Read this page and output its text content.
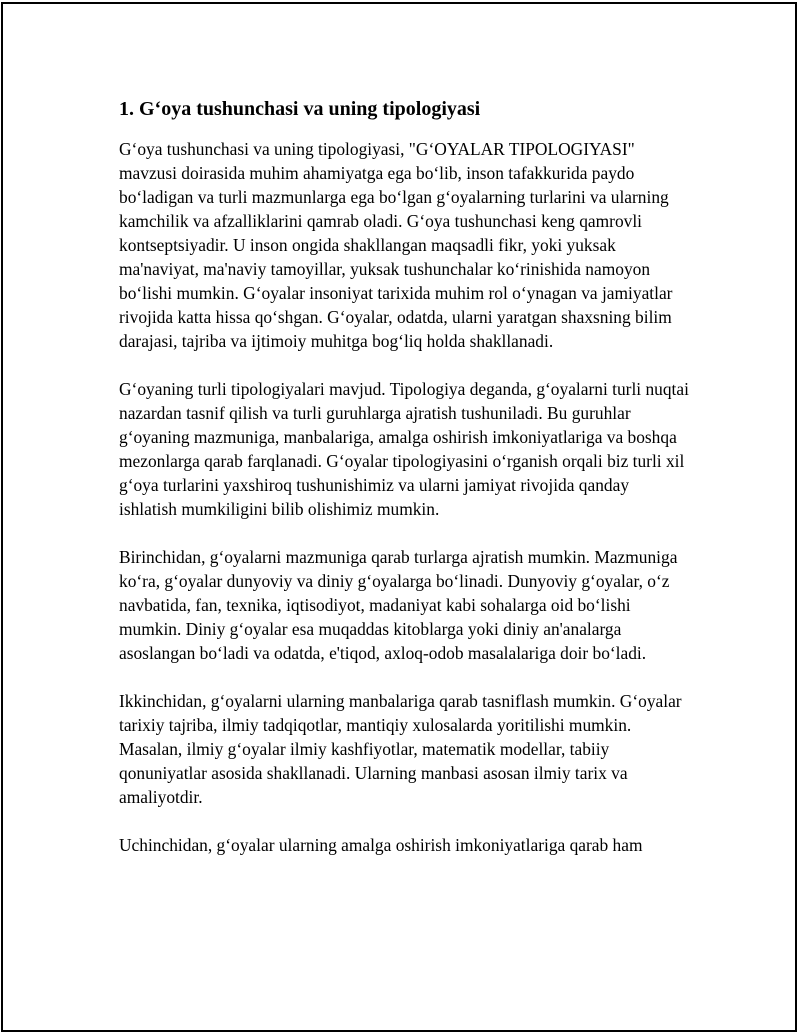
1. G‘oya tushunchasi va uning tipologiyasi

G‘oya tushunchasi va uning tipologiyasi, "G‘OYALAR TIPOLOGIYASI" mavzusi doirasida muhim ahamiyatga ega bo‘lib, inson tafakkurida paydo bo‘ladigan va turli mazmunlarga ega bo‘lgan g‘oyalarning turlarini va ularning kamchilik va afzalliklarini qamrab oladi. G‘oya tushunchasi keng qamrovli kontseptsiyadir. U inson ongida shakllangan maqsadli fikr, yoki yuksak ma'naviyat, ma'naviy tamoyillar, yuksak tushunchalar ko‘rinishida namoyon bo‘lishi mumkin. G‘oyalar insoniyat tarixida muhim rol o‘ynagan va jamiyatlar rivojida katta hissa qo‘shgan. G‘oyalar, odatda, ularni yaratgan shaxsning bilim darajasi, tajriba va ijtimoiy muhitga bog‘liq holda shakllanadi.

G‘oyaning turli tipologiyalari mavjud. Tipologiya deganda, g‘oyalarni turli nuqtai nazardan tasnif qilish va turli guruhlarga ajratish tushuniladi. Bu guruhlar g‘oyaning mazmuniga, manbalariga, amalga oshirish imkoniyatlariga va boshqa mezonlarga qarab farqlanadi. G‘oyalar tipologiyasini o‘rganish orqali biz turli xil g‘oya turlarini yaxshiroq tushunishimiz va ularni jamiyat rivojida qanday ishlatish mumkiligini bilib olishimiz mumkin.

Birinchidan, g‘oyalarni mazmuniga qarab turlarga ajratish mumkin. Mazmuniga ko‘ra, g‘oyalar dunyoviy va diniy g‘oyalarga bo‘linadi. Dunyoviy g‘oyalar, o‘z navbatida, fan, texnika, iqtisodiyot, madaniyat kabi sohalarga oid bo‘lishi mumkin. Diniy g‘oyalar esa muqaddas kitoblarga yoki diniy an'analarga asoslangan bo‘ladi va odatda, e'tiqod, axloq-odob masalalariga doir bo‘ladi.

Ikkinchidan, g‘oyalarni ularning manbalariga qarab tasniflash mumkin. G‘oyalar tarixiy tajriba, ilmiy tadqiqotlar, mantiqiy xulosalarda yoritilishi mumkin. Masalan, ilmiy g‘oyalar ilmiy kashfiyotlar, matematik modellar, tabiiy qonuniyatlar asosida shakllanadi. Ularning manbasi asosan ilmiy tarix va amaliyotdir.

Uchinchidan, g‘oyalar ularning amalga oshirish imkoniyatlariga qarab ham
